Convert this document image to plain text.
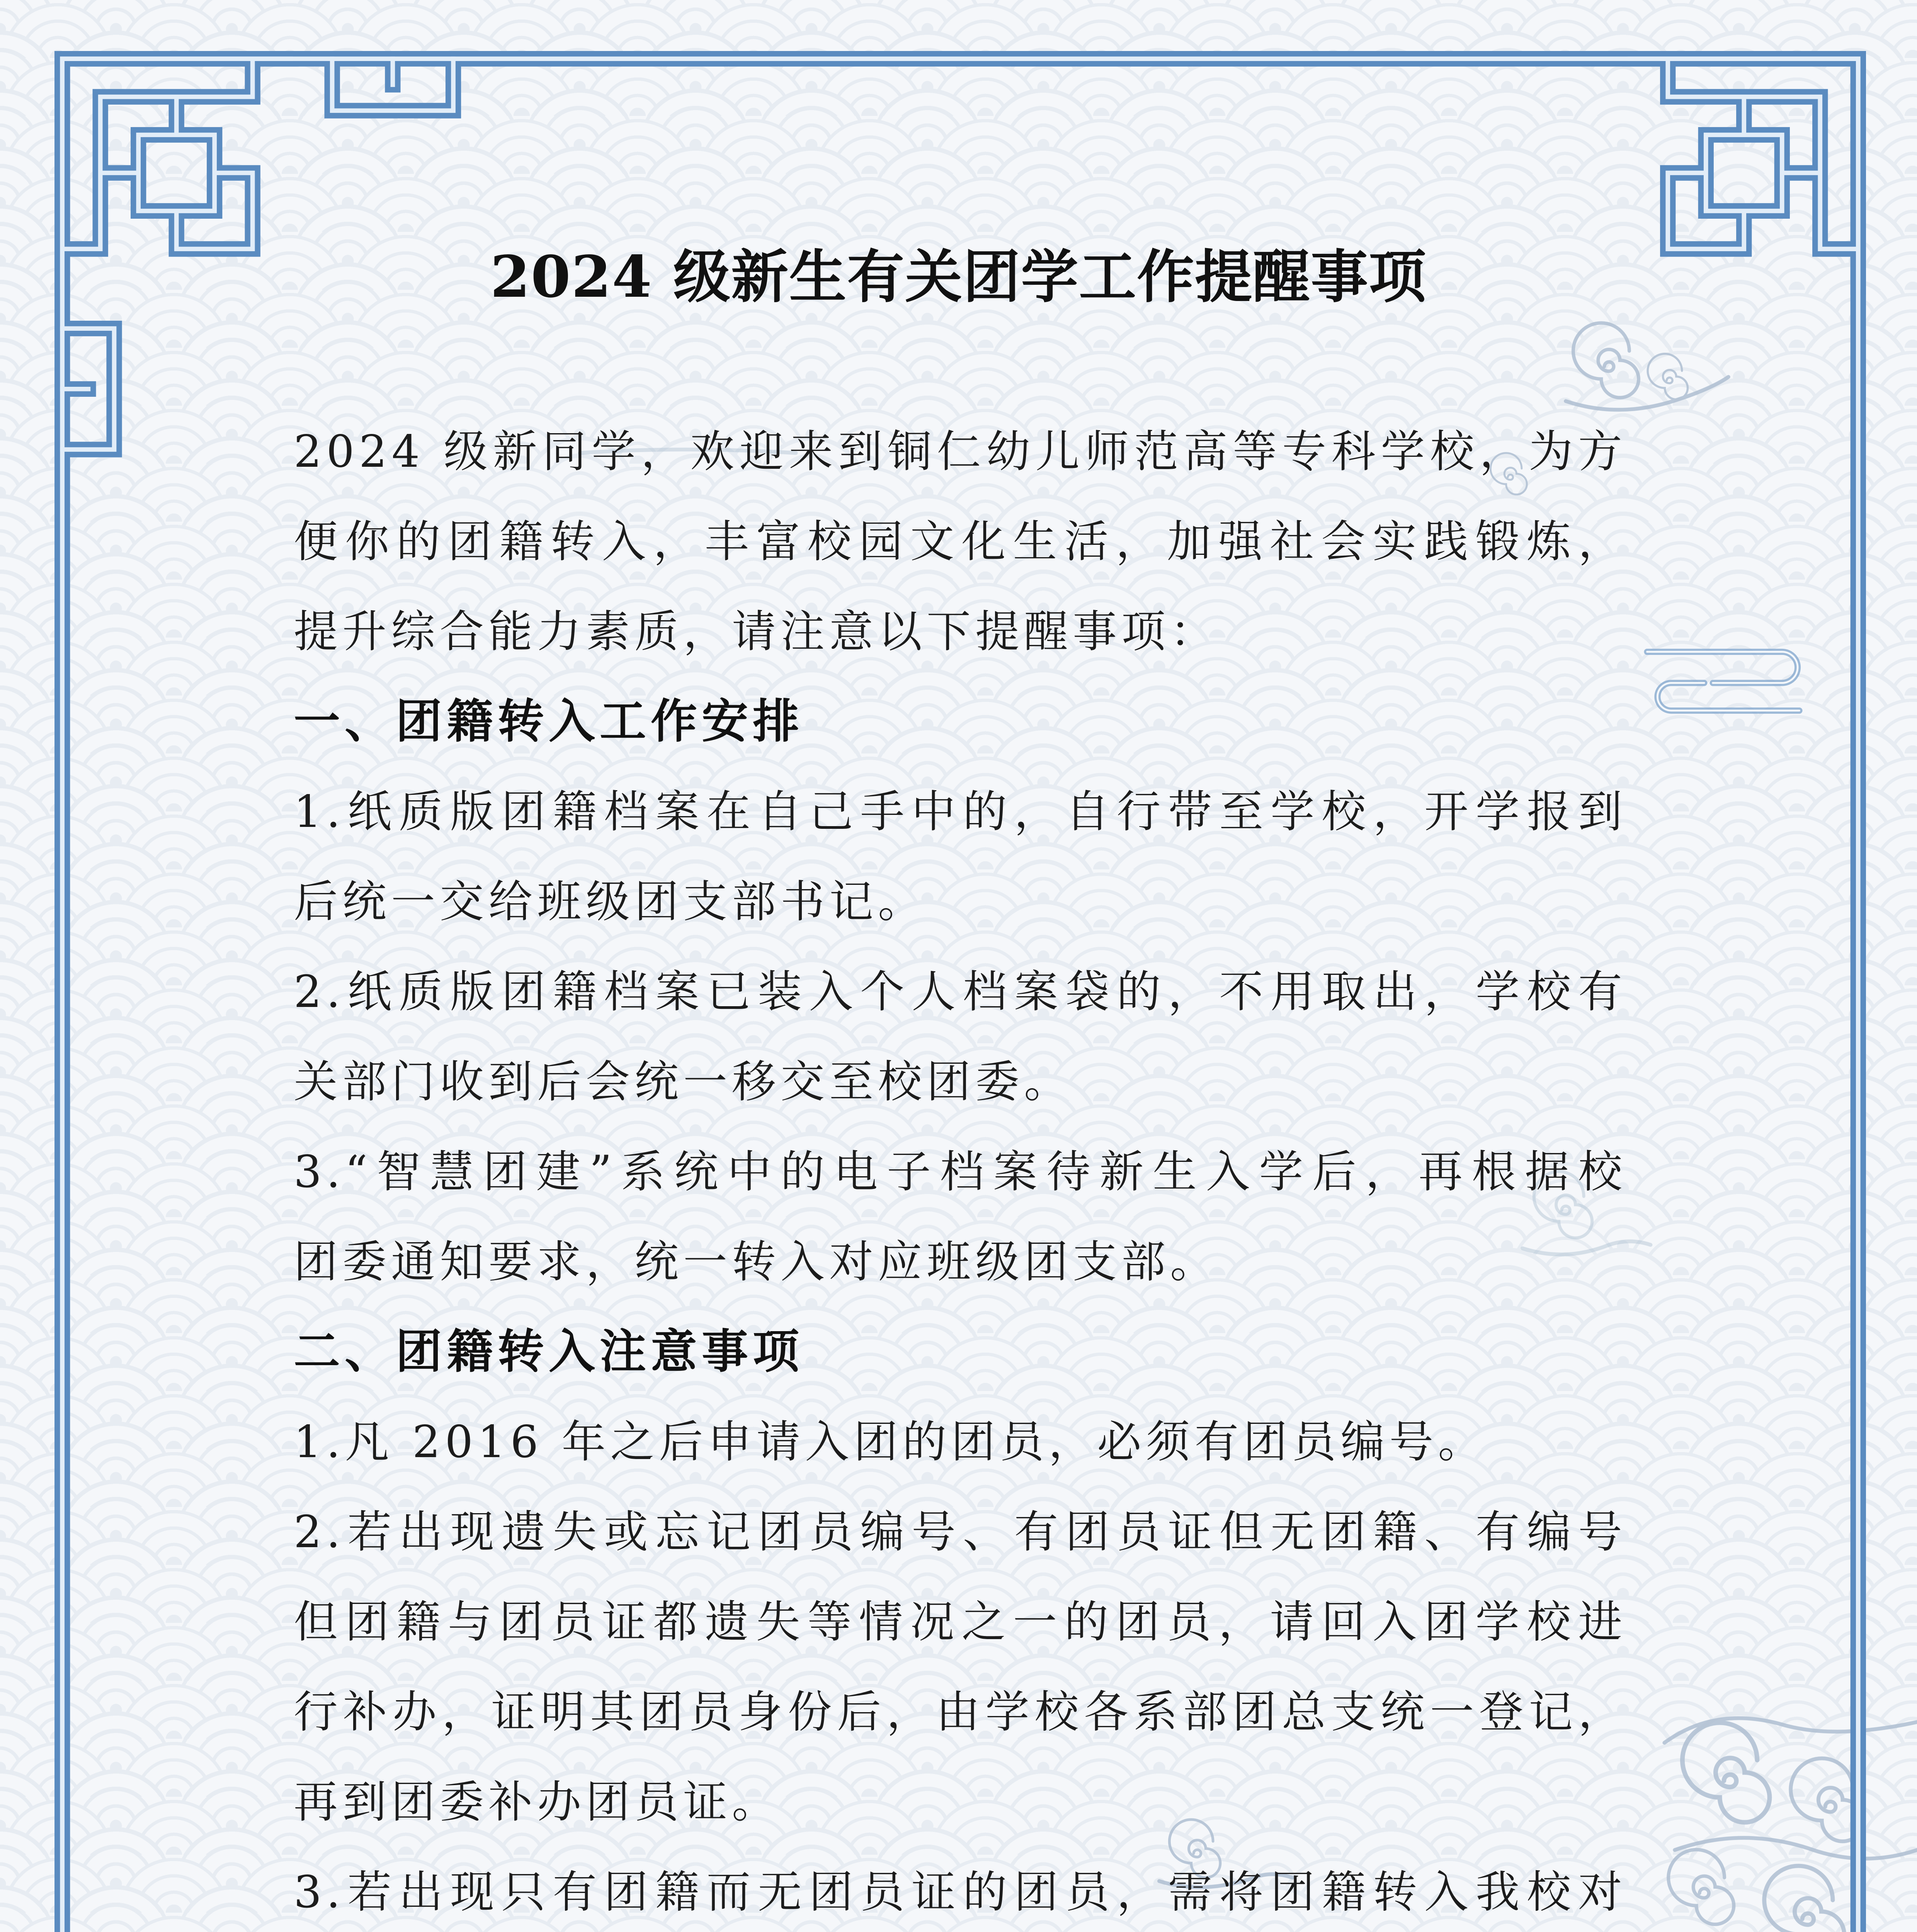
2024 级新生有关团学工作提醒事项
2024 级新同学，欢迎来到铜仁幼儿师范高等专科学校，为方
便你的团籍转入，丰富校园文化生活，加强社会实践锻炼，
提升综合能力素质，请注意以下提醒事项：
一、团籍转入工作安排
1.纸质版团籍档案在自己手中的，自行带至学校，开学报到
后统一交给班级团支部书记。
2.纸质版团籍档案已装入个人档案袋的，不用取出，学校有
关部门收到后会统一移交至校团委。
3.“智慧团建”系统中的电子档案待新生入学后，再根据校
团委通知要求，统一转入对应班级团支部。
二、团籍转入注意事项
1.凡 2016 年之后申请入团的团员，必须有团员编号。
2.若出现遗失或忘记团员编号、有团员证但无团籍、有编号
但团籍与团员证都遗失等情况之一的团员，请回入团学校进
行补办，证明其团员身份后，由学校各系部团总支统一登记，
再到团委补办团员证。
3.若出现只有团籍而无团员证的团员，需将团籍转入我校对
